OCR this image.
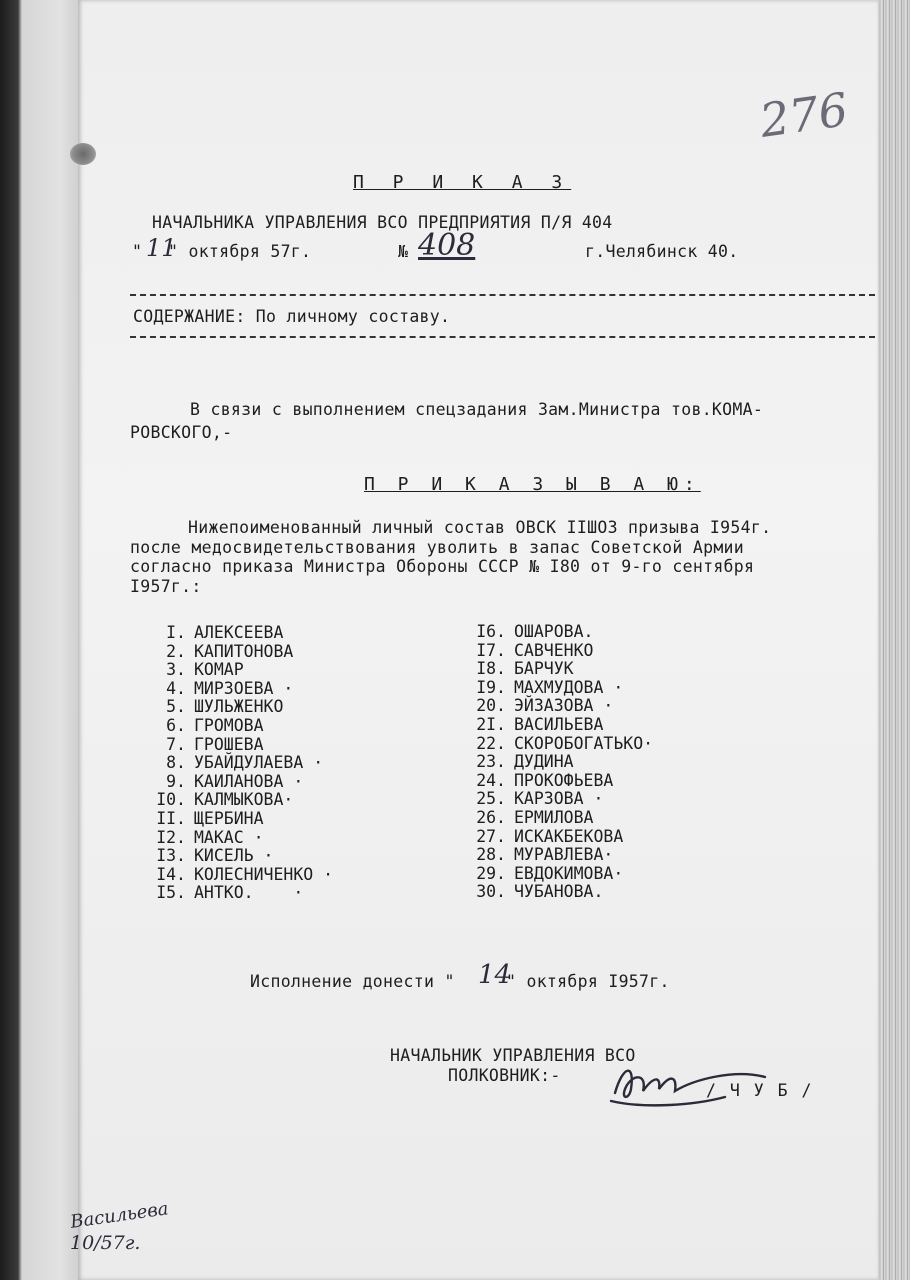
276
П Р И К А З
НАЧАЛЬНИКА УПРАВЛЕНИЯ ВСО ПРЕДПРИЯТИЯ П/Я 404
" 11
" октября 57г.	№ 408	г.Челябинск 40.
СОДЕРЖАНИЕ: По личному составу.
В связи с выполнением спецзадания Зам.Министра тов.КОМА-
РОВСКОГО,-
П Р И К А З Ы В А Ю:
Нижепоименованный личный состав ОВСК IIШОЗ призыва I954г.
после медосвидетельствования уволить в запас Советской Армии
согласно приказа Министра Обороны СССР № I80 от 9-го сентября
I957г.:
I. АЛЕКСЕЕВА
2. КАПИТОНОВА
3. КОМАР
4. МИРЗОЕВА ·
5. ШУЛЬЖЕНКО
6. ГРОМОВА
7. ГРОШЕВА
8. УБАЙДУЛАЕВА ·
9. КАИЛАНОВА ·
I0. КАЛМЫКОВА·
II. ЩЕРБИНА
I2. МАКАС ·
I3. КИСЕЛЬ ·
I4. КОЛЕСНИЧЕНКО ·
I5. АНТКО.    ·
I6. ОШАРОВА.
I7. САВЧЕНКО
I8. БАРЧУК
I9. МАХМУДОВА ·
20. ЭЙЗАЗОВА ·
2I. ВАСИЛЬЕВА
22. СКОРОБОГАТЬКО·
23. ДУДИНА
24. ПРОКОФЬЕВА
25. КАРЗОВА ·
26. ЕРМИЛОВА
27. ИСКАКБЕКОВА
28. МУРАВЛЕВА·
29. ЕВДОКИМОВА·
30. ЧУБАНОВА.
Исполнение донести " 14
" октября I957г.
НАЧАЛЬНИК УПРАВЛЕНИЯ ВСО
ПОЛКОВНИК:-
/ Ч У Б /
Васильева
10/57г.
